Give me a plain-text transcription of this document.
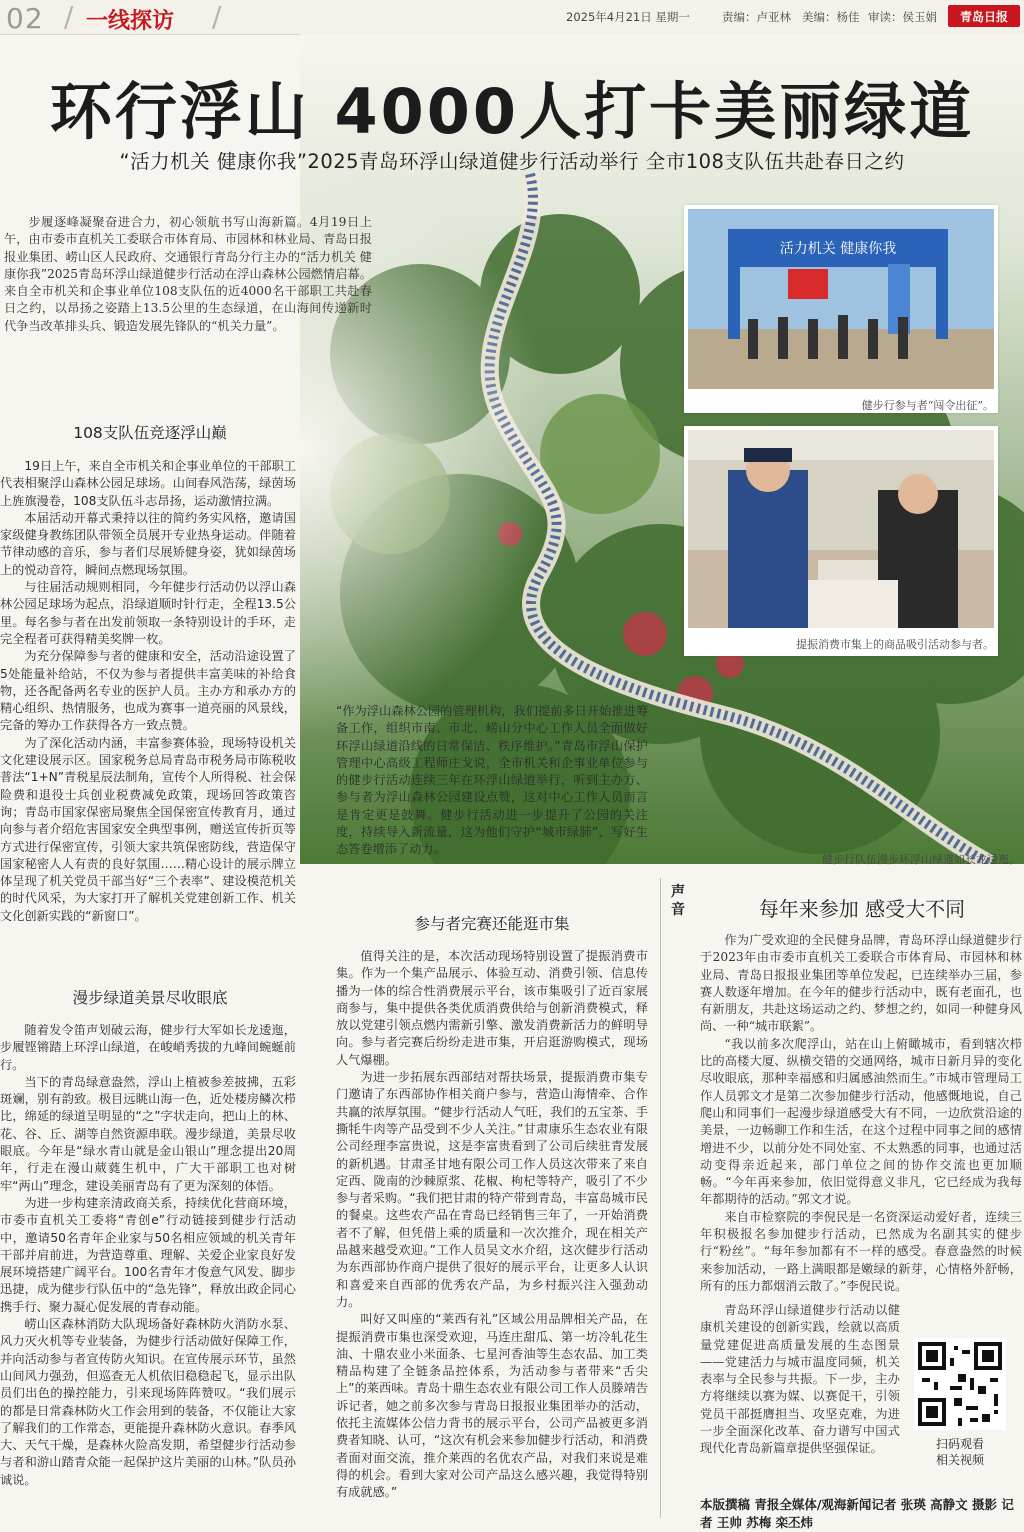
02 / 一线探访 /	2025年4月21日 星期一	责编：卢亚林 美编：杨佳 审读：侯玉娟	青岛日报
环行浮山 4000人打卡美丽绿道
“活力机关 健康你我”2025青岛环浮山绿道健步行活动举行 全市108支队伍共赴春日之约
步履逐峰凝聚奋进合力，初心领航书写山海新篇。4月19日上午，由市委市直机关工委联合市体育局、市园林和林业局、青岛日报报业集团、崂山区人民政府、交通银行青岛分行主办的“活力机关 健康你我”2025青岛环浮山绿道健步行活动在浮山森林公园燃情启幕。来自全市机关和企事业单位108支队伍的近4000名干部职工共赴春日之约，以昂扬之姿踏上13.5公里的生态绿道，在山海间传递新时代争当改革排头兵、锻造发展先锋队的“机关力量”。
108支队伍竞逐浮山巅

19日上午，来自全市机关和企事业单位的干部职工代表相聚浮山森林公园足球场。山间春风浩荡，绿茵场上旌旗漫卷，108支队伍斗志昂扬，运动激情拉满。

本届活动开幕式秉持以往的简约务实风格，邀请国家级健身教练团队带领全员展开专业热身运动。伴随着节律动感的音乐，参与者们尽展矫健身姿，犹如绿茵场上的悦动音符，瞬间点燃现场氛围。

与往届活动规则相同，今年健步行活动仍以浮山森林公园足球场为起点，沿绿道顺时针行走，全程13.5公里。每名参与者在出发前领取一条特别设计的手环，走完全程者可获得精美奖牌一枚。

为充分保障参与者的健康和安全，活动沿途设置了5处能量补给站，不仅为参与者提供丰富美味的补给食物，还各配备两名专业的医护人员。主办方和承办方的精心组织、热情服务，也成为赛事一道亮丽的风景线，完备的筹办工作获得各方一致点赞。

为了深化活动内涵，丰富参赛体验，现场特设机关文化建设展示区。国家税务总局青岛市税务局市陈税收普法“1+N”青税星辰法制角，宣传个人所得税、社会保险费和退役士兵创业税费减免政策，现场回答政策咨询；青岛市国家保密局聚焦全国保密宣传教育月，通过向参与者介绍危害国家安全典型事例，赠送宣传折页等方式进行保密宣传，引领大家共筑保密防线，营造保守国家秘密人人有责的良好氛围……精心设计的展示牌立体呈现了机关党员干部当好“三个表率”、建设模范机关的时代风采，为大家打开了解机关党建创新工作、机关文化创新实践的“新窗口”。

漫步绿道美景尽收眼底

随着发令笛声划破云海，健步行大军如长龙逶迤，步履铿锵踏上环浮山绿道，在峻峭秀拔的九峰间蜿蜒前行。

当下的青岛绿意盎然，浮山上植被参差披拂，五彩斑斓，别有韵致。极目远眺山海一色，近处楼房鳞次栉比，绵延的绿道呈明显的“之”字状走向，把山上的林、花、谷、丘、湖等自然资源串联。漫步绿道，美景尽收眼底。今年是“绿水青山就是金山银山”理念提出20周年，行走在漫山葳蕤生机中，广大干部职工也对树牢“两山”理念，建设美丽青岛有了更为深刻的体悟。

为进一步构建亲清政商关系，持续优化营商环境，市委市直机关工委将“青创e”行动链接到健步行活动中，邀请50名青年企业家与50名相应领域的机关青年干部并肩前进，为营造尊重、理解、关爱企业家良好发展环境搭建广阔平台。100名青年才俊意气风发、脚步迅捷，成为健步行队伍中的“急先锋”，释放出政企同心携手行、聚力凝心促发展的青春动能。

崂山区森林消防大队现场备好森林防火消防水泵、风力灭火机等专业装备，为健步行活动做好保障工作，并向活动参与者宣传防火知识。在宣传展示环节，虽然山间风力强劲，但巡查无人机依旧稳稳起飞，显示出队员们出色的操控能力，引来现场阵阵赞叹。“我们展示的都是日常森林防火工作会用到的装备，不仅能让大家了解我们的工作常态，更能提升森林防火意识。春季风大、天气干燥，是森林火险高发期，希望健步行活动参与者和游山踏青众能一起保护这片美丽的山林。”队员孙诚说。

“作为浮山森林公园的管理机构，我们提前多日开始推进筹备工作，组织市南、市北、崂山分中心工作人员全面做好环浮山绿道沿线的日常保洁、秩序维护。”青岛市浮山保护管理中心高级工程师庄戈说，全市机关和企事业单位参与的健步行活动连续三年在环浮山绿道举行，听到主办方、参与者为浮山森林公园建设点赞，这对中心工作人员而言是肯定更是鼓舞。健步行活动进一步提升了公园的关注度，持续导入新流量，这为他们守护“城市绿肺”、写好生态答卷增添了动力。
参与者完赛还能逛市集

值得关注的是，本次活动现场特别设置了提振消费市集。作为一个集产品展示、体验互动、消费引领、信息传播为一体的综合性消费展示平台，该市集吸引了近百家展商参与，集中提供各类优质消费供给与创新消费模式，释放以党建引领点燃内需新引擎、激发消费新活力的鲜明导向。参与者完赛后纷纷走进市集，开启逛游购模式，现场人气爆棚。

为进一步拓展东西部结对帮扶场景，提振消费市集专门邀请了东西部协作相关商户参与，营造山海情牵、合作共赢的浓厚氛围。“健步行活动人气旺，我们的五宝茶、手撕牦牛肉等产品受到不少人关注。”甘肃康乐生态农业有限公司经理李富贵说，这是李富贵看到了公司后续驻青发展的新机遇。甘肃圣甘地有限公司工作人员这次带来了来自定西、陇南的沙棘原浆、花椒、枸杞等特产，吸引了不少参与者采购。“我们把甘肃的特产带到青岛，丰富岛城市民的餐桌。这些农产品在青岛已经销售三年了，一开始消费者不了解，但凭借上乘的质量和一次次推介，现在相关产品越来越受欢迎。”工作人员吴文水介绍，这次健步行活动为东西部协作商户提供了很好的展示平台，让更多人认识和喜爱来自西部的优秀农产品，为乡村振兴注入强劲动力。

叫好又叫座的“莱西有礼”区域公用品牌相关产品，在提振消费市集也深受欢迎，马连庄甜瓜、第一坊冷轧花生油、十鼎农业小米面条、七星河香油等生态农品、加工类精品构建了全链条品控体系，为活动参与者带来“舌尖上”的莱西味。青岛十鼎生态农业有限公司工作人员滕靖告诉记者，她之前多次参与青岛日报报业集团举办的活动，依托主流媒体公信力背书的展示平台，公司产品被更多消费者知晓、认可，“这次有机会来参加健步行活动，和消费者面对面交流，推介莱西的名优农产品，对我们来说是难得的机会。看到大家对公司产品这么感兴趣，我觉得特别有成就感。”

活力机关 健康你我
健步行参与者“闯令出征”。
提振消费市集上的商品吸引活动参与者。
健步行队伍漫步环浮山绿道如长龙逶迤。
声音	每年来参加 感受大不同

作为广受欢迎的全民健身品牌，青岛环浮山绿道健步行于2023年由市委市直机关工委联合市体育局、市园林和林业局、青岛日报报业集团等单位发起，已连续举办三届，参赛人数逐年增加。在今年的健步行活动中，既有老面孔，也有新朋友，共赴这场运动之约、梦想之约，如同一种健身风尚、一种“城市联絮”。

“我以前多次爬浮山，站在山上俯瞰城市，看到辖次栉比的高楼大厦、纵横交错的交通网络，城市日新月异的变化尽收眼底，那种幸福感和归属感油然而生。”市城市管理局工作人员郭文才是第二次参加健步行活动，他感慨地说，自己爬山和同事们一起漫步绿道感受大有不同，一边欣赏沿途的美景，一边畅聊工作和生活，在这个过程中同事之间的感情增进不少，以前分处不同处室、不太熟悉的同事，也通过活动变得亲近起来，部门单位之间的协作交流也更加顺畅。“今年再来参加，依旧觉得意义非凡，它已经成为我每年都期待的活动。”郭文才说。

来自市检察院的李倪民是一名资深运动爱好者，连续三年积极报名参加健步行活动，已然成为名副其实的健步行“粉丝”。“每年参加都有不一样的感受。春意盎然的时候来参加活动，一路上满眼都是嫩绿的新芽，心情格外舒畅，所有的压力都烟消云散了。”李倪民说。

青岛环浮山绿道健步行活动以健康机关建设的创新实践，绘就以高质量党建促进高质量发展的生态图景——党建活力与城市温度同频，机关表率与全民参与共振。下一步，主办方将继续以赛为媒、以赛促干，引领党员干部挺膺担当、攻坚克难，为进一步全面深化改革、奋力谱写中国式现代化青岛新篇章提供坚强保证。	扫码观看
相关视频
本版撰稿 青报全媒体/观海新闻记者 张瑛 高静文 摄影 记者 王帅 苏梅 栾丕炜
